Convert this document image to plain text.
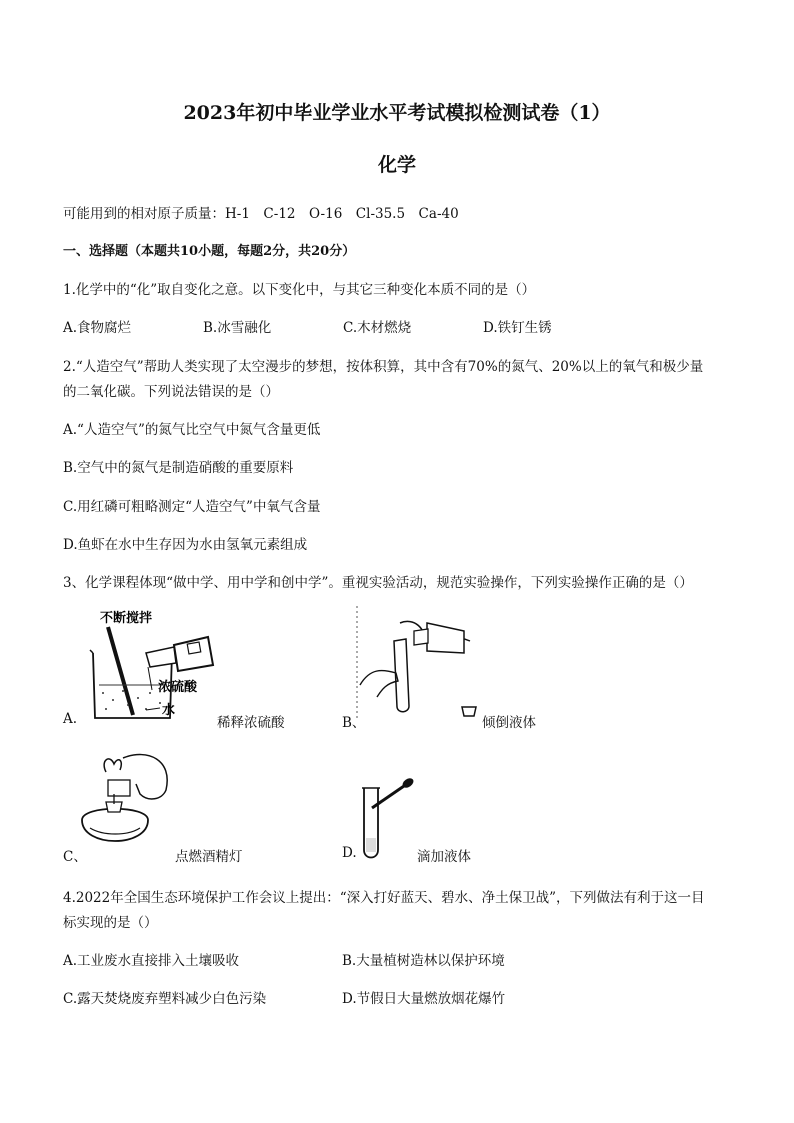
2023年初中毕业学业水平考试模拟检测试卷（1）
化学
可能用到的相对原子质量：H-1　C-12　O-16　Cl-35.5　Ca-40
一、选择题（本题共10小题，每题2分，共20分）
1.化学中的“化”取自变化之意。以下变化中，与其它三种变化本质不同的是（）
A.食物腐烂	B.冰雪融化	C.木材燃烧	D.铁钉生锈
2.“人造空气”帮助人类实现了太空漫步的梦想，按体积算，其中含有70%的氮气、20%以上的氧气和极少量
的二氧化碳。下列说法错误的是（）
A.“人造空气”的氮气比空气中氮气含量更低
B.空气中的氮气是制造硝酸的重要原料
C.用红磷可粗略测定“人造空气”中氧气含量
D.鱼虾在水中生存因为水由氢氧元素组成
3、化学课程体现“做中学、用中学和创中学”。重视实验活动，规范实验操作，下列实验操作正确的是（）
不断搅拌
浓硫酸
水
A.	稀释浓硫酸	B、	倾倒液体
C、	点燃酒精灯	D.	滴加液体
4.2022年全国生态环境保护工作会议上提出：“深入打好蓝天、碧水、净土保卫战”，下列做法有利于这一目
标实现的是（）
A.工业废水直接排入土壤吸收	B.大量植树造林以保护环境
C.露天焚烧废弃塑料减少白色污染	D.节假日大量燃放烟花爆竹
